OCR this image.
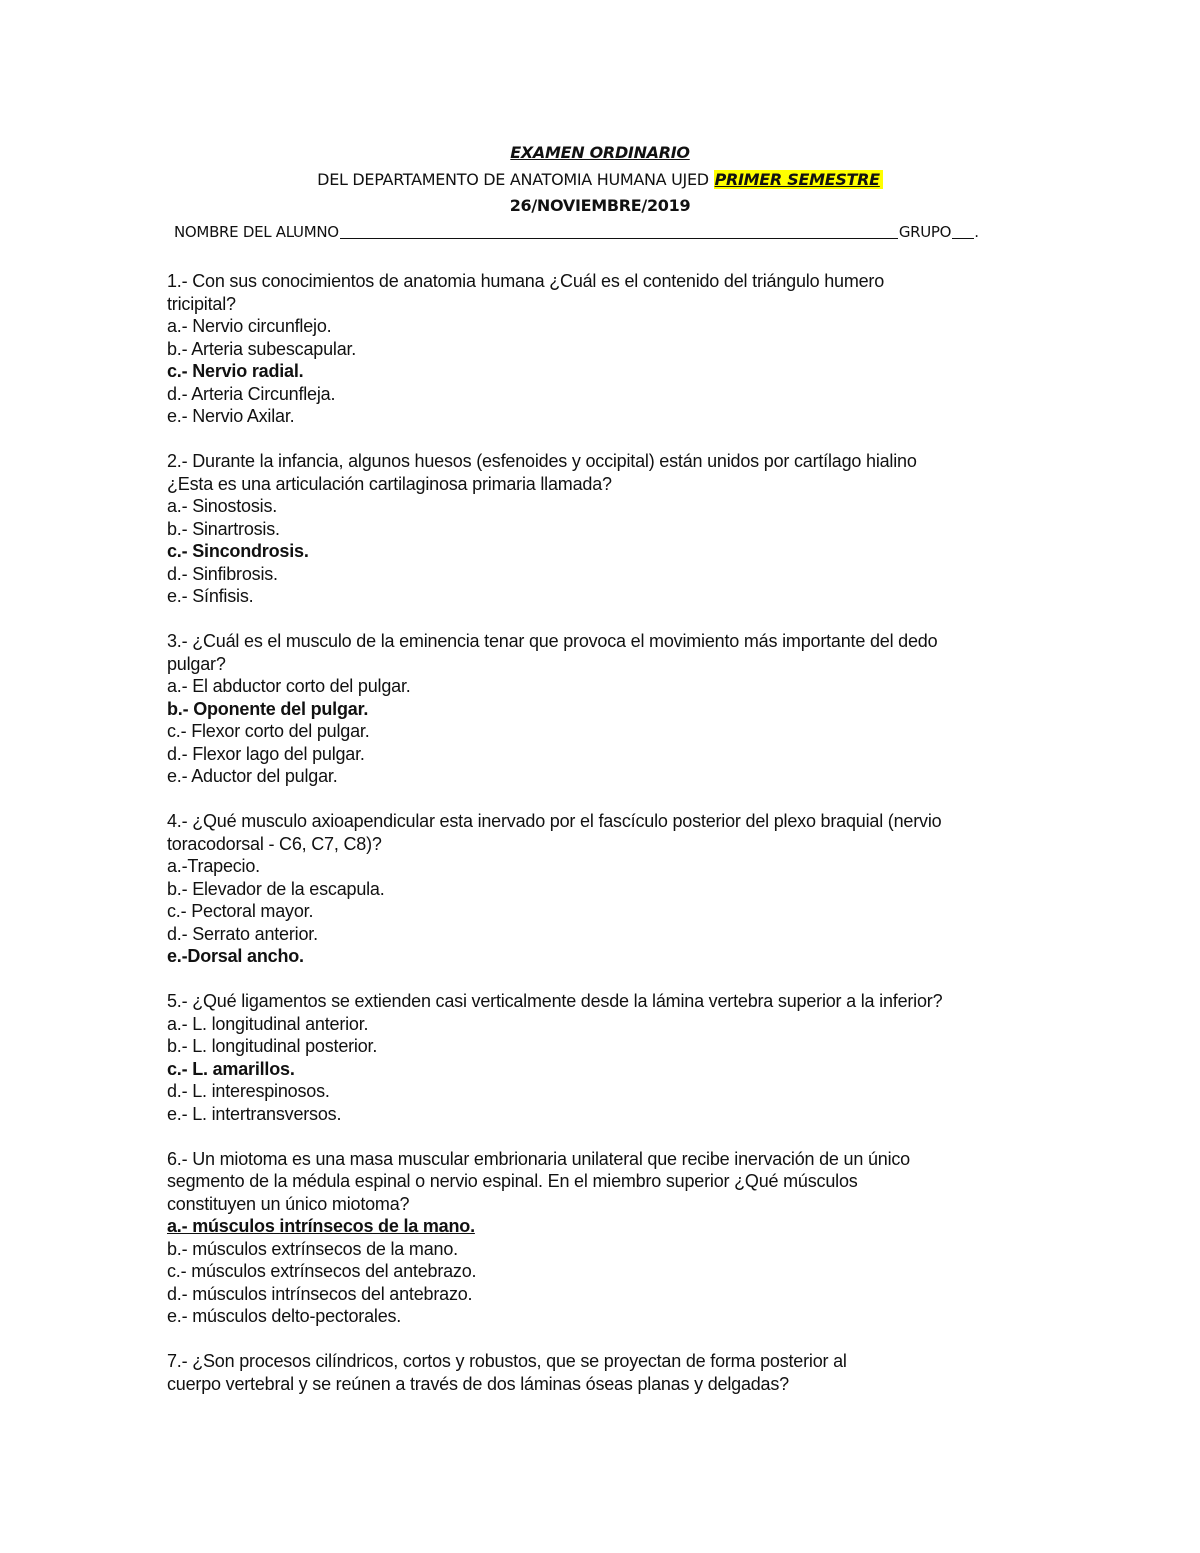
EXAMEN ORDINARIO
DEL DEPARTAMENTO DE ANATOMIA HUMANA UJED PRIMER SEMESTRE
26/NOVIEMBRE/2019
NOMBRE DEL ALUMNO	GRUPO .
1.- Con sus conocimientos de anatomia humana ¿Cuál es el contenido del triángulo humero
tricipital?
a.- Nervio circunflejo.
b.- Arteria subescapular.
c.- Nervio radial.
d.- Arteria Circunfleja.
e.- Nervio Axilar.
2.- Durante la infancia, algunos huesos (esfenoides y occipital) están unidos por cartílago hialino
¿Esta es una articulación cartilaginosa primaria llamada?
a.- Sinostosis.
b.- Sinartrosis.
c.- Sincondrosis.
d.- Sinfibrosis.
e.- Sínfisis.
3.- ¿Cuál es el musculo de la eminencia tenar que provoca el movimiento más importante del dedo
pulgar?
a.- El abductor corto del pulgar.
b.- Oponente del pulgar.
c.- Flexor corto del pulgar.
d.- Flexor lago del pulgar.
e.- Aductor del pulgar.
4.- ¿Qué musculo axioapendicular esta inervado por el fascículo posterior del plexo braquial (nervio
toracodorsal - C6, C7, C8)?
a.-Trapecio.
b.- Elevador de la escapula.
c.- Pectoral mayor.
d.- Serrato anterior.
e.-Dorsal ancho.
5.- ¿Qué ligamentos se extienden casi verticalmente desde la lámina vertebra superior a la inferior?
a.- L. longitudinal anterior.
b.- L. longitudinal posterior.
c.- L. amarillos.
d.- L. interespinosos.
e.- L. intertransversos.
6.- Un miotoma es una masa muscular embrionaria unilateral que recibe inervación de un único
segmento de la médula espinal o nervio espinal. En el miembro superior ¿Qué músculos
constituyen un único miotoma?
a.- músculos intrínsecos de la mano.
b.- músculos extrínsecos de la mano.
c.- músculos extrínsecos del antebrazo.
d.- músculos intrínsecos del antebrazo.
e.- músculos delto-pectorales.
7.- ¿Son procesos cilíndricos, cortos y robustos, que se proyectan de forma posterior al
cuerpo vertebral y se reúnen a través de dos láminas óseas planas y delgadas?
